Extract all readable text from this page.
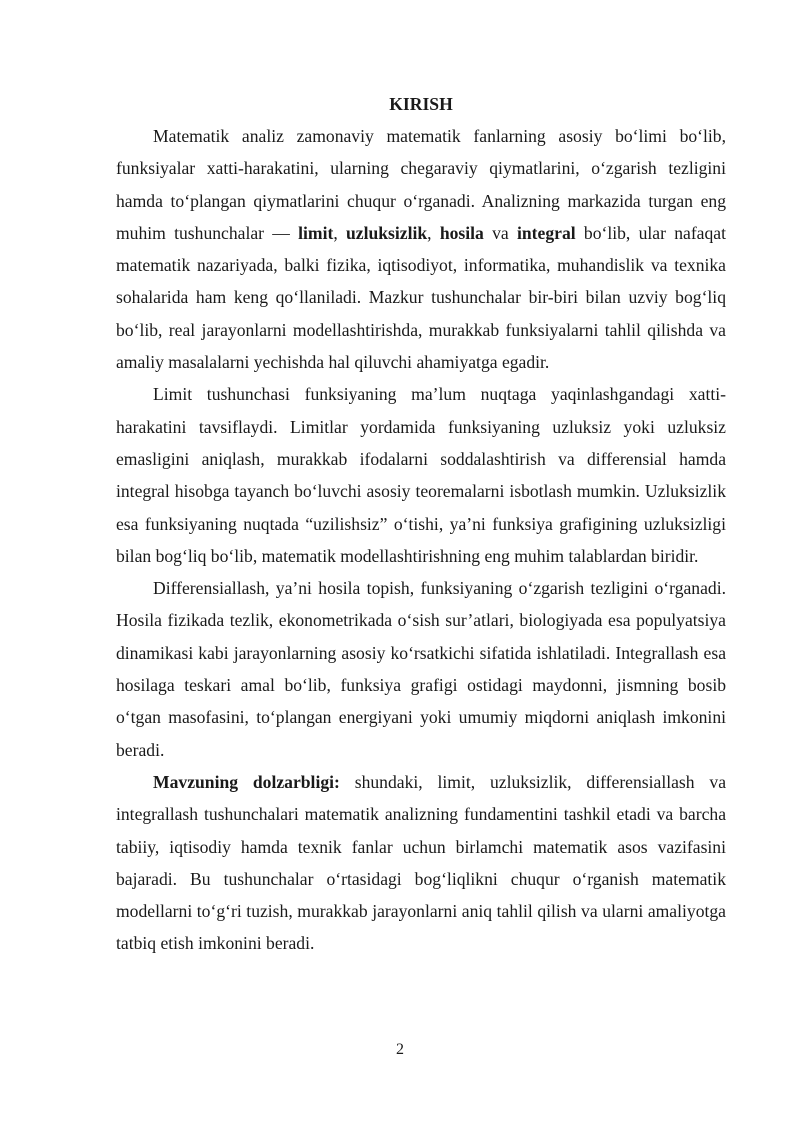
KIRISH

Matematik analiz zamonaviy matematik fanlarning asosiy bo‘limi bo‘lib, funksiyalar xatti-harakatini, ularning chegaraviy qiymatlarini, o‘zgarish tezligini hamda to‘plangan qiymatlarini chuqur o‘rganadi. Analizning markazida turgan eng muhim tushunchalar — limit, uzluksizlik, hosila va integral bo‘lib, ular nafaqat matematik nazariyada, balki fizika, iqtisodiyot, informatika, muhandislik va texnika sohalarida ham keng qo‘llaniladi. Mazkur tushunchalar bir-biri bilan uzviy bog‘liq bo‘lib, real jarayonlarni modellashtirishda, murakkab funksiyalarni tahlil qilishda va amaliy masalalarni yechishda hal qiluvchi ahamiyatga egadir.

Limit tushunchasi funksiyaning ma’lum nuqtaga yaqinlashgandagi xatti-harakatini tavsiflaydi. Limitlar yordamida funksiyaning uzluksiz yoki uzluksiz emasligini aniqlash, murakkab ifodalarni soddalashtirish va differensial hamda integral hisobga tayanch bo‘luvchi asosiy teoremalarni isbotlash mumkin. Uzluksizlik esa funksiyaning nuqtada “uzilishsiz” o‘tishi, ya’ni funksiya grafigining uzluksizligi bilan bog‘liq bo‘lib, matematik modellashtirishning eng muhim talablardan biridir.

Differensiallash, ya’ni hosila topish, funksiyaning o‘zgarish tezligini o‘rganadi. Hosila fizikada tezlik, ekonometrikada o‘sish sur’atlari, biologiyada esa populyatsiya dinamikasi kabi jarayonlarning asosiy ko‘rsatkichi sifatida ishlatiladi. Integrallash esa hosilaga teskari amal bo‘lib, funksiya grafigi ostidagi maydonni, jismning bosib o‘tgan masofasini, to‘plangan energiyani yoki umumiy miqdorni aniqlash imkonini beradi.

Mavzuning dolzarbligi: shundaki, limit, uzluksizlik, differensiallash va integrallash tushunchalari matematik analizning fundamentini tashkil etadi va barcha tabiiy, iqtisodiy hamda texnik fanlar uchun birlamchi matematik asos vazifasini bajaradi. Bu tushunchalar o‘rtasidagi bog‘liqlikni chuqur o‘rganish matematik modellarni to‘g‘ri tuzish, murakkab jarayonlarni aniq tahlil qilish va ularni amaliyotga tatbiq etish imkonini beradi.

2
